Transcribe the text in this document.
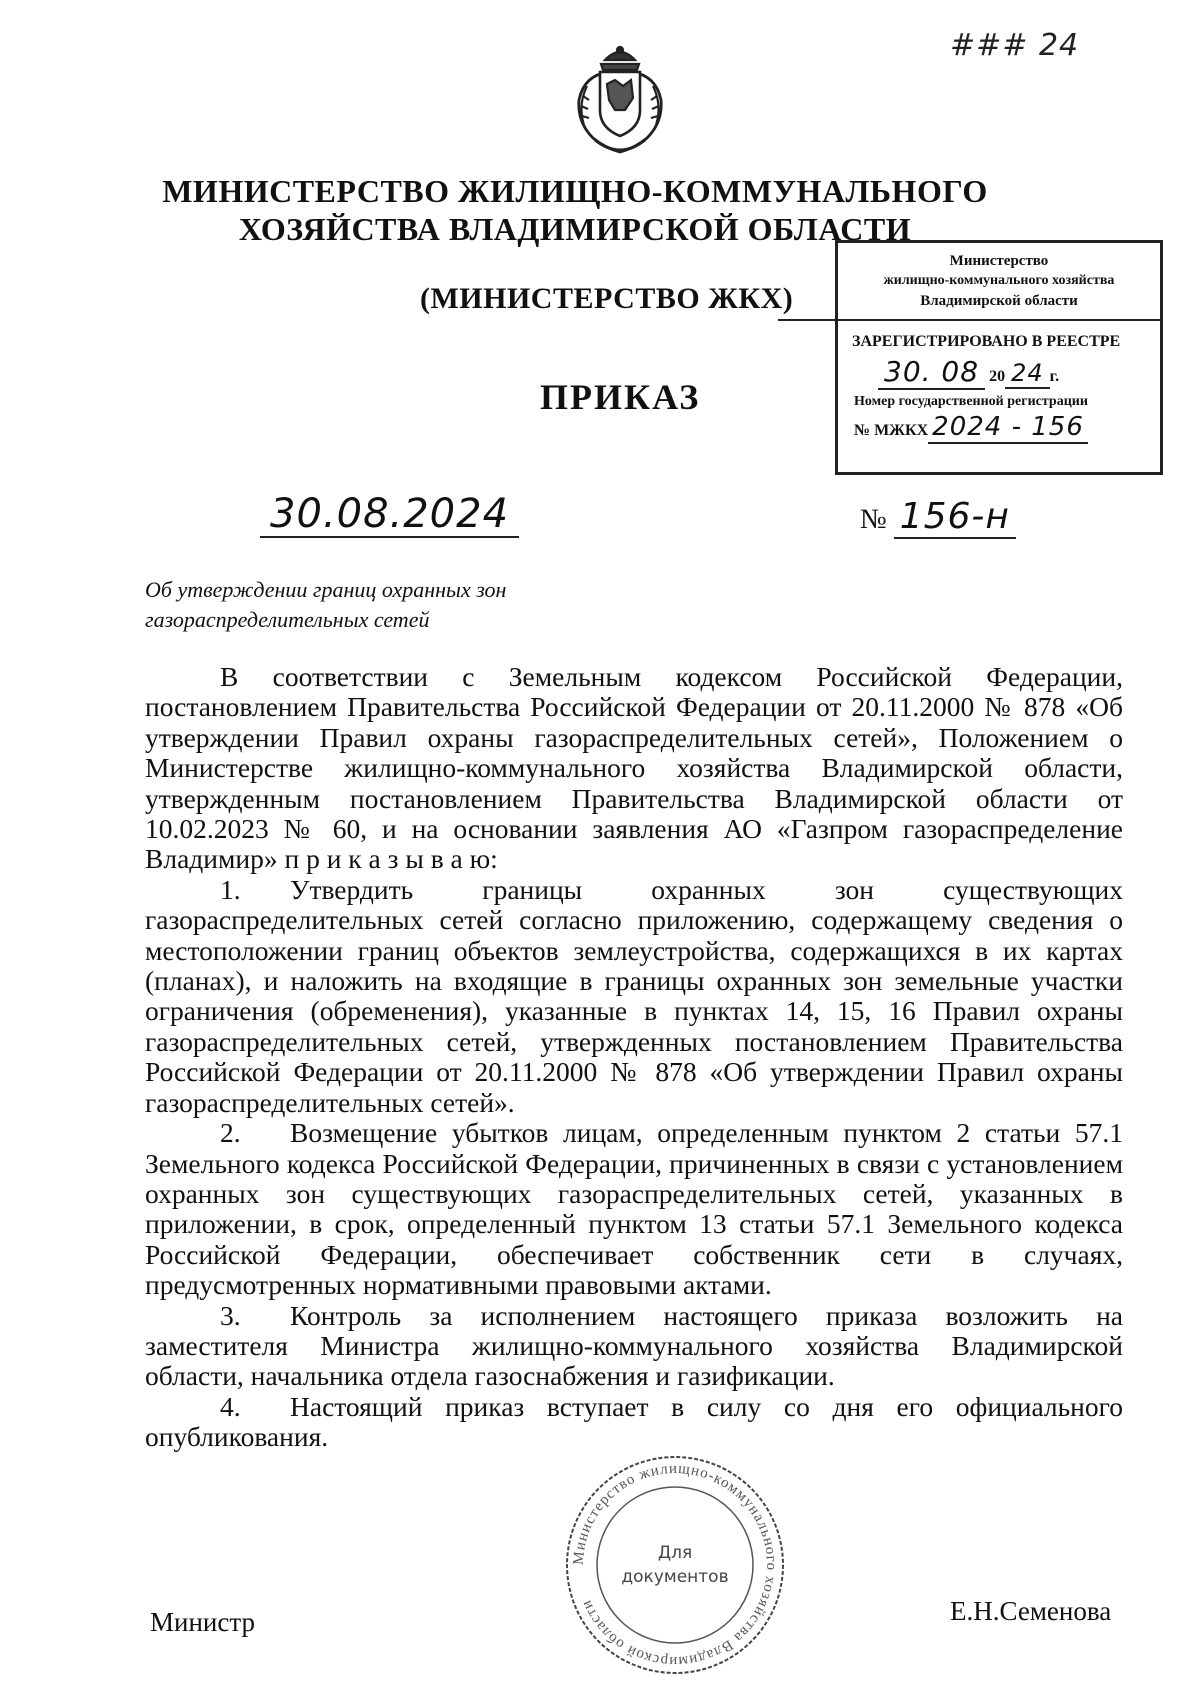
### 24
МИНИСТЕРСТВО ЖИЛИЩНО-КОММУНАЛЬНОГО
ХОЗЯЙСТВА ВЛАДИМИРСКОЙ ОБЛАСТИ
(МИНИСТЕРСТВО ЖКХ)
ПРИКАЗ
Министерство
жилищно-коммунального хозяйства
Владимирской области
ЗАРЕГИСТРИРОВАНО В РЕЕСТРЕ
30. 08 20 24 г.
Номер государственной регистрации
№ МЖКХ 2024 - 156
30.08.2024	№ 156-н
Об утверждении границ охранных зон
газораспределительных сетей

В соответствии с Земельным кодексом Российской Федерации, постановлением Правительства Российской Федерации от 20.11.2000 № 878 «Об утверждении Правил охраны газораспределительных сетей», Положением о Министерстве жилищно-коммунального хозяйства Владимирской области, утвержденным постановлением Правительства Владимирской области от 10.02.2023 № 60, и на основании заявления АО «Газпром газораспределение Владимир» п р и к а з ы в а ю:

1. Утвердить границы охранных зон существующих газораспределительных сетей согласно приложению, содержащему сведения о местоположении границ объектов землеустройства, содержащихся в их картах (планах), и наложить на входящие в границы охранных зон земельные участки ограничения (обременения), указанные в пунктах 14, 15, 16 Правил охраны газораспределительных сетей, утвержденных постановлением Правительства Российской Федерации от 20.11.2000 № 878 «Об утверждении Правил охраны газораспределительных сетей».

2. Возмещение убытков лицам, определенным пунктом 2 статьи 57.1 Земельного кодекса Российской Федерации, причиненных в связи с установлением охранных зон существующих газораспределительных сетей, указанных в приложении, в срок, определенный пунктом 13 статьи 57.1 Земельного кодекса Российской Федерации, обеспечивает собственник сети в случаях, предусмотренных нормативными правовыми актами.

3. Контроль за исполнением настоящего приказа возложить на заместителя Министра жилищно-коммунального хозяйства Владимирской области, начальника отдела газоснабжения и газификации.

4. Настоящий приказ вступает в силу со дня его официального опубликования.

Министерство жилищно-коммунального хозяйства Владимирской области
Для
документов
Министр	Е.Н.Семенова
